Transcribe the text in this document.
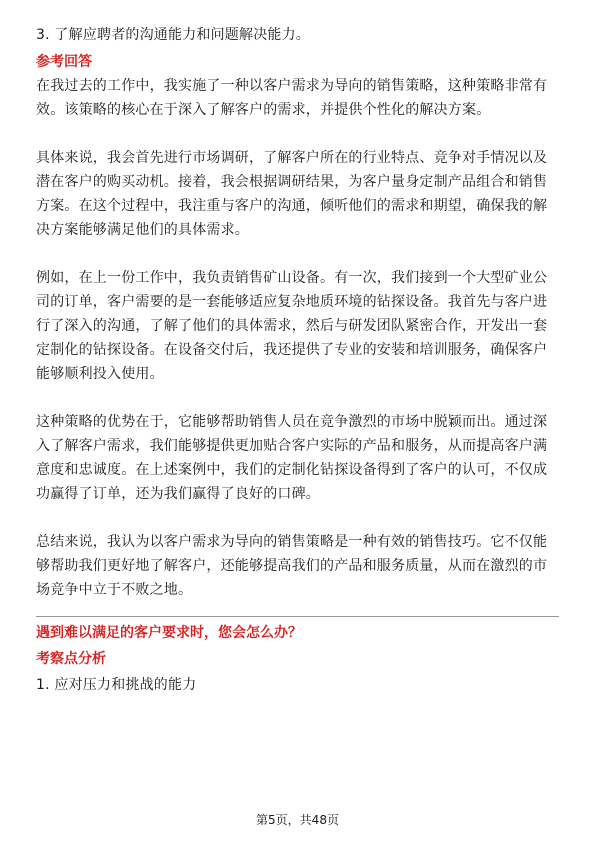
3. 了解应聘者的沟通能力和问题解决能力。
参考回答
在我过去的工作中，我实施了一种以客户需求为导向的销售策略，这种策略非常有
效。该策略的核心在于深入了解客户的需求，并提供个性化的解决方案。
具体来说，我会首先进行市场调研，了解客户所在的行业特点、竞争对手情况以及
潜在客户的购买动机。接着，我会根据调研结果，为客户量身定制产品组合和销售
方案。在这个过程中，我注重与客户的沟通，倾听他们的需求和期望，确保我的解
决方案能够满足他们的具体需求。
例如，在上一份工作中，我负责销售矿山设备。有一次，我们接到一个大型矿业公
司的订单，客户需要的是一套能够适应复杂地质环境的钻探设备。我首先与客户进
行了深入的沟通，了解了他们的具体需求，然后与研发团队紧密合作，开发出一套
定制化的钻探设备。在设备交付后，我还提供了专业的安装和培训服务，确保客户
能够顺利投入使用。
这种策略的优势在于，它能够帮助销售人员在竞争激烈的市场中脱颖而出。通过深
入了解客户需求，我们能够提供更加贴合客户实际的产品和服务，从而提高客户满
意度和忠诚度。在上述案例中，我们的定制化钻探设备得到了客户的认可，不仅成
功赢得了订单，还为我们赢得了良好的口碑。
总结来说，我认为以客户需求为导向的销售策略是一种有效的销售技巧。它不仅能
够帮助我们更好地了解客户，还能够提高我们的产品和服务质量，从而在激烈的市
场竞争中立于不败之地。
遇到难以满足的客户要求时，您会怎么办？
考察点分析
1. 应对压力和挑战的能力
第5页，共48页
